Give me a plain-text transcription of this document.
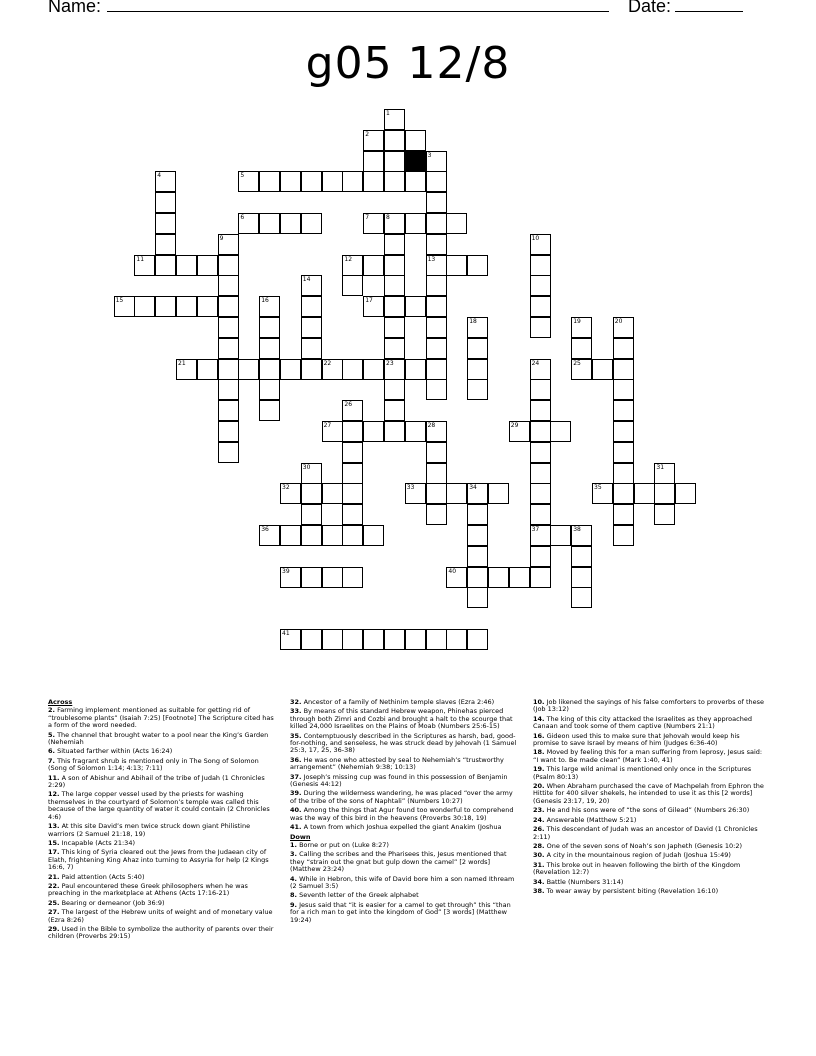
Name:	Date:
g05 12/8
2
5
6	7	8
11	12	13
15	17
21	22	23	25
27	29
32	33	34	35
36	37
39	40
41
1
3
4
9	10
14
16
18	19	20
24
26
28
30	31
38
Across
2. Farming implement mentioned as suitable for getting rid of “troublesome plants” (Isaiah 7:25) [Footnote] The Scripture cited has a form of the word needed.
5. The channel that brought water to a pool near the King’s Garden (Nehemiah
6. Situated farther within (Acts 16:24)
7. This fragrant shrub is mentioned only in The Song of Solomon (Song of Solomon 1:14; 4:13; 7:11)
11. A son of Abishur and Abihail of the tribe of Judah (1 Chronicles 2:29)
12. The large copper vessel used by the priests for washing themselves in the courtyard of Solomon’s temple was called this because of the large quantity of water it could contain (2 Chronicles 4:6)
13. At this site David’s men twice struck down giant Philistine warriors (2 Samuel 21:18, 19)
15. Incapable (Acts 21:34)
17. This king of Syria cleared out the Jews from the Judaean city of Elath, frightening King Ahaz into turning to Assyria for help (2 Kings 16:6, 7)
21. Paid attention (Acts 5:40)
22. Paul encountered these Greek philosophers when he was preaching in the marketplace at Athens (Acts 17:16-21)
25. Bearing or demeanor (Job 36:9)
27. The largest of the Hebrew units of weight and of monetary value (Ezra 8:26)
29. Used in the Bible to symbolize the authority of parents over their children (Proverbs 29:15)
32. Ancestor of a family of Nethinim temple slaves (Ezra 2:46)
33. By means of this standard Hebrew weapon, Phinehas pierced through both Zimri and Cozbi and brought a halt to the scourge that killed 24,000 Israelites on the Plains of Moab (Numbers 25:6-15)
35. Contemptuously described in the Scriptures as harsh, bad, good-for-nothing, and senseless, he was struck dead by Jehovah (1 Samuel 25:3, 17, 25, 36-38)
36. He was one who attested by seal to Nehemiah’s “trustworthy arrangement” (Nehemiah 9:38; 10:13)
37. Joseph’s missing cup was found in this possession of Benjamin (Genesis 44:12)
39. During the wilderness wandering, he was placed “over the army of the tribe of the sons of Naphtali” (Numbers 10:27)
40. Among the things that Agur found too wonderful to comprehend was the way of this bird in the heavens (Proverbs 30:18, 19)
41. A town from which Joshua expelled the giant Anakim (Joshua
Down
1. Borne or put on (Luke 8:27)
3. Calling the scribes and the Pharisees this, Jesus mentioned that they “strain out the gnat but gulp down the camel” [2 words] (Matthew 23:24)
4. While in Hebron, this wife of David bore him a son named Ithream (2 Samuel 3:5)
8. Seventh letter of the Greek alphabet
9. Jesus said that “it is easier for a camel to get through” this “than for a rich man to get into the kingdom of God” [3 words] (Matthew 19:24)
10. Job likened the sayings of his false comforters to proverbs of these (Job 13:12)
14. The king of this city attacked the Israelites as they approached Canaan and took some of them captive (Numbers 21:1)
16. Gideon used this to make sure that Jehovah would keep his promise to save Israel by means of him (Judges 6:36-40)
18. Moved by feeling this for a man suffering from leprosy, Jesus said: “I want to. Be made clean” (Mark 1:40, 41)
19. This large wild animal is mentioned only once in the Scriptures (Psalm 80:13)
20. When Abraham purchased the cave of Machpelah from Ephron the Hittite for 400 silver shekels, he intended to use it as this [2 words] (Genesis 23:17, 19, 20)
23. He and his sons were of “the sons of Gilead” (Numbers 26:30)
24. Answerable (Matthew 5:21)
26. This descendant of Judah was an ancestor of David (1 Chronicles 2:11)
28. One of the seven sons of Noah’s son Japheth (Genesis 10:2)
30. A city in the mountainous region of Judah (Joshua 15:49)
31. This broke out in heaven following the birth of the Kingdom (Revelation 12:7)
34. Battle (Numbers 31:14)
38. To wear away by persistent biting (Revelation 16:10)
